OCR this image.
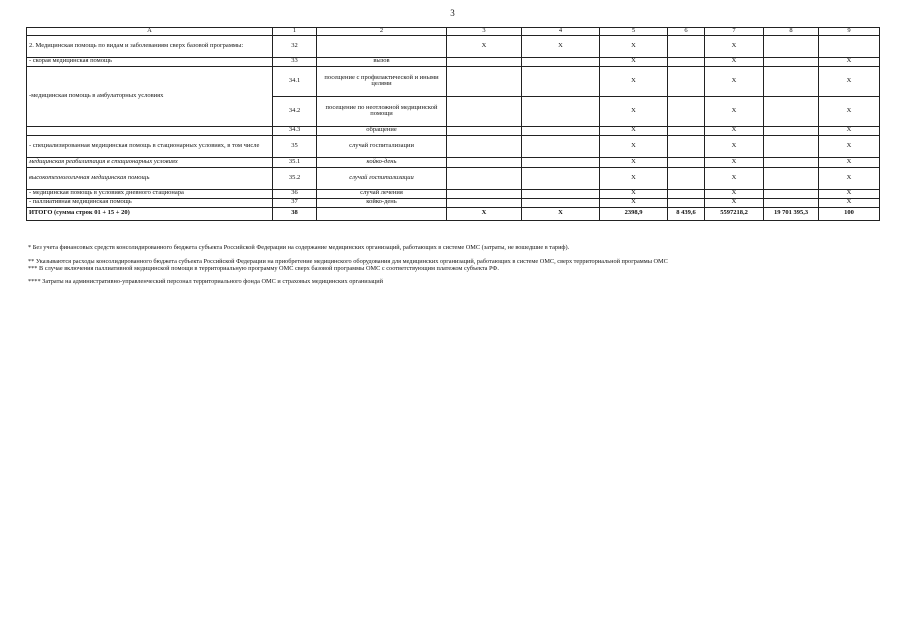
3
А	1	2	3	4	5	6	7	8	9
2. Медицинская помощь по видам и заболеваниям сверх базовой программы:	32		Х	Х	Х		Х		
- скорая медицинская помощь	33	вызов			Х		Х		Х
-медицинская помощь в амбулаторных условиях	34.1	посещение с профилактической и иными целями			Х		Х		Х
	34.2	посещение по неотложной медицинской помощи			Х		Х		Х
	34.3	обращение			Х		Х		Х
- специализированная медицинская помощь в стационарных условиях, в том числе	35	случай госпитализации			Х		Х		Х
медицинская реабилитация в стационарных условиях	35.1	койко-день			Х		Х		Х
высокотехнологичная медицинская помощь	35.2	случай госпитализации			Х		Х		Х
- медицинская помощь в условиях дневного стационара	36	случай лечения			Х		Х		Х
- паллиативная медицинская помощь	37	койко-день			Х		Х		Х
ИТОГО (сумма строк 01 + 15 + 20)	38		Х	Х	2398,9	8 439,6	5597218,2	19 701 395,3	100

* Без учета финансовых средств консолидированного бюджета субъекта Российской Федерации на содержание медицинских организаций, работающих в системе ОМС (затраты, не вошедшие в тариф).

** Указываются расходы консолидированного бюджета субъекта Российской Федерации на приобретение медицинского оборудования для медицинских организаций, работающих в системе ОМС, сверх территориальной программы ОМС

*** В случае включения паллиативной медицинской помощи в территориальную программу ОМС сверх базовой программы ОМС с соответствующим платежом субъекта РФ.

**** Затраты на административно-управленческий персонал территориального фонда ОМС и страховых медицинских организаций
